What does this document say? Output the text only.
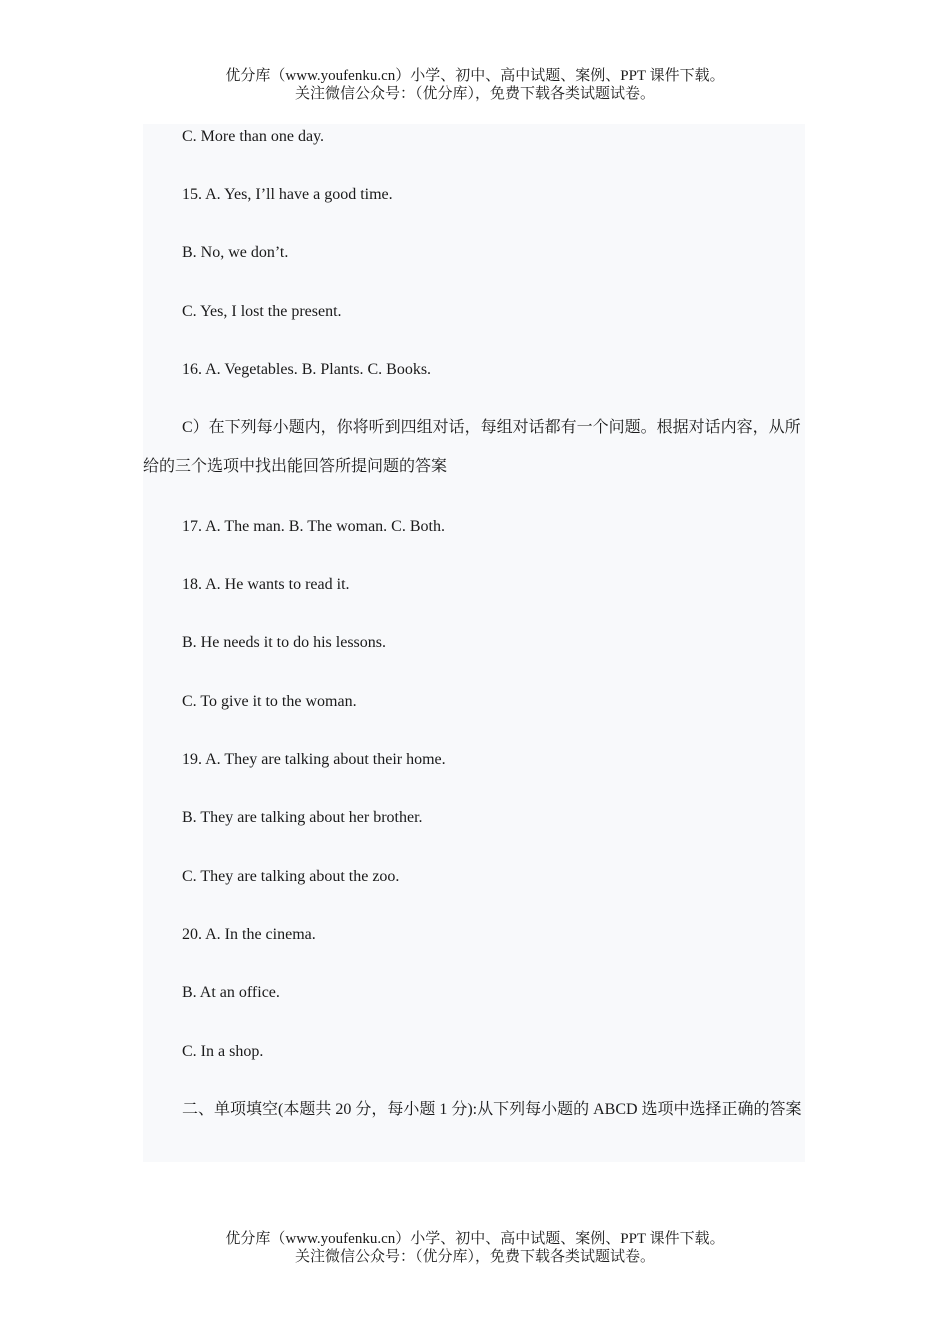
优分库（www.youfenku.cn）小学、初中、高中试题、案例、PPT 课件下载。
关注微信公众号：（优分库），免费下载各类试题试卷。
C. More than one day.
15. A. Yes, I’ll have a good time.
B. No, we don’t.
C. Yes, I lost the present.
16. A. Vegetables. B. Plants. C. Books.
C）在下列每小题内，你将听到四组对话，每组对话都有一个问题。根据对话内容，从所给的三个选项中找出能回答所提问题的答案
17. A. The man. B. The woman. C. Both.
18. A. He wants to read it.
B. He needs it to do his lessons.
C. To give it to the woman.
19. A. They are talking about their home.
B. They are talking about her brother.
C. They are talking about the zoo.
20. A. In the cinema.
B. At an office.
C. In a shop.
二、单项填空(本题共 20 分，每小题 1 分):从下列每小题的 ABCD 选项中选择正确的答案
优分库（www.youfenku.cn）小学、初中、高中试题、案例、PPT 课件下载。
关注微信公众号：（优分库），免费下载各类试题试卷。
